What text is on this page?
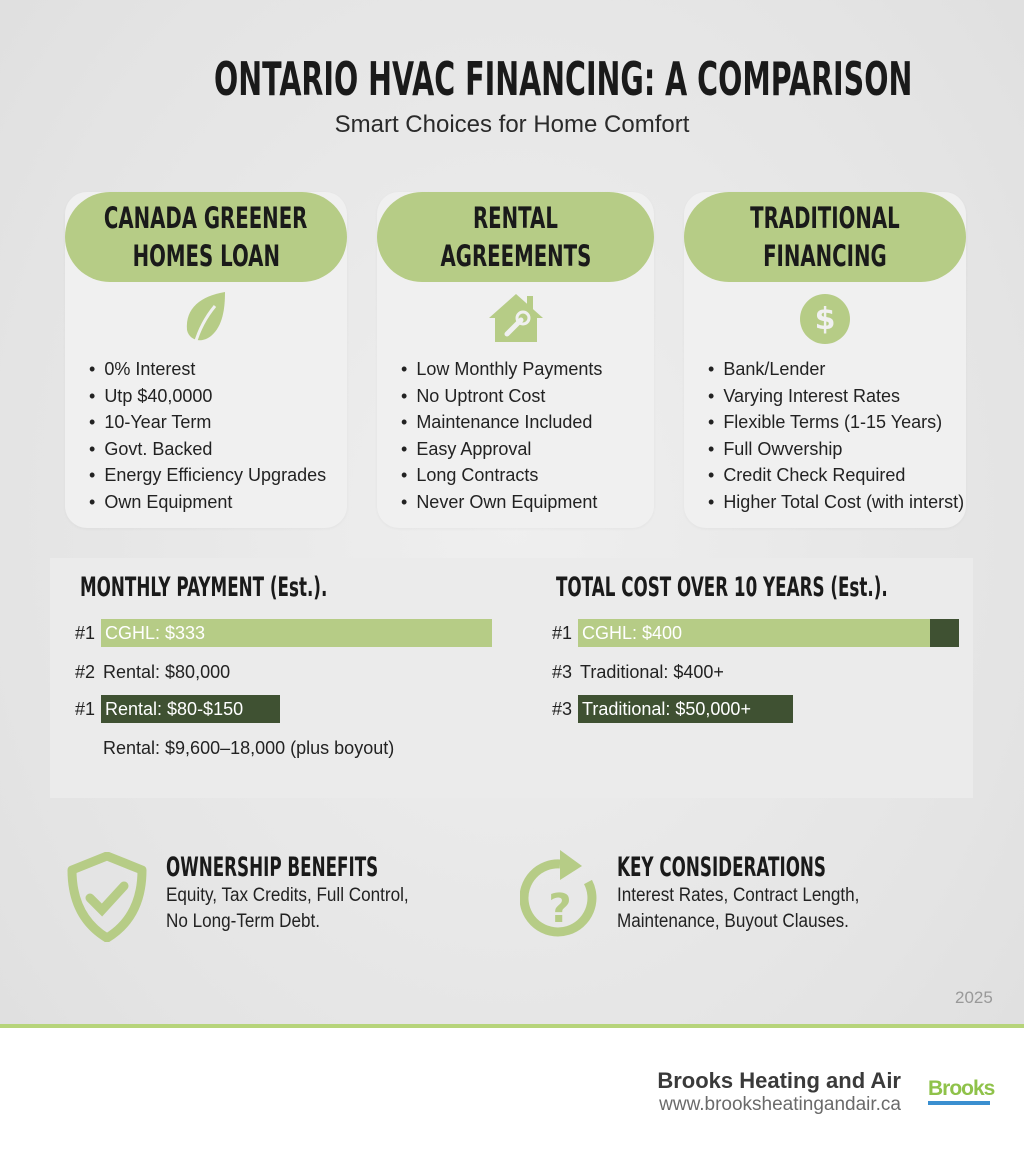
ONTARIO HVAC FINANCING: A COMPARISON
Smart Choices for Home Comfort
CANADA GREENER
HOMES LOAN
• 0% Interest
• Utp $40,0000
• 10-Year Term
• Govt. Backed
• Energy Efficiency Upgrades
• Own Equipment
RENTAL
AGREEMENTS
• Low Monthly Payments
• No Uptront Cost
• Maintenance Included
• Easy Approval
• Long Contracts
• Never Own Equipment
TRADITIONAL
FINANCING
$
• Bank/Lender
• Varying Interest Rates
• Flexible Terms (1-15 Years)
• Full Owvership
• Credit Check Required
• Higher Total Cost (with interst)
MONTHLY PAYMENT (Est.).	TOTAL COST OVER 10 YEARS (Est.).
#1 CGHL: $333
#2 Rental: $80,000
#1 Rental: $80-$150
Rental: $9,600–18,000 (plus boyout)
#1 CGHL: $400
#3 Traditional: $400+
#3 Traditional: $50,000+
OWNERSHIP BENEFITS
Equity, Tax Credits, Full Control,
No Long-Term Debt.	?
KEY CONSIDERATIONS
Interest Rates, Contract Length,
Maintenance, Buyout Clauses.
2025
Brooks Heating and Air
www.brooksheatingandair.ca
Brooks
